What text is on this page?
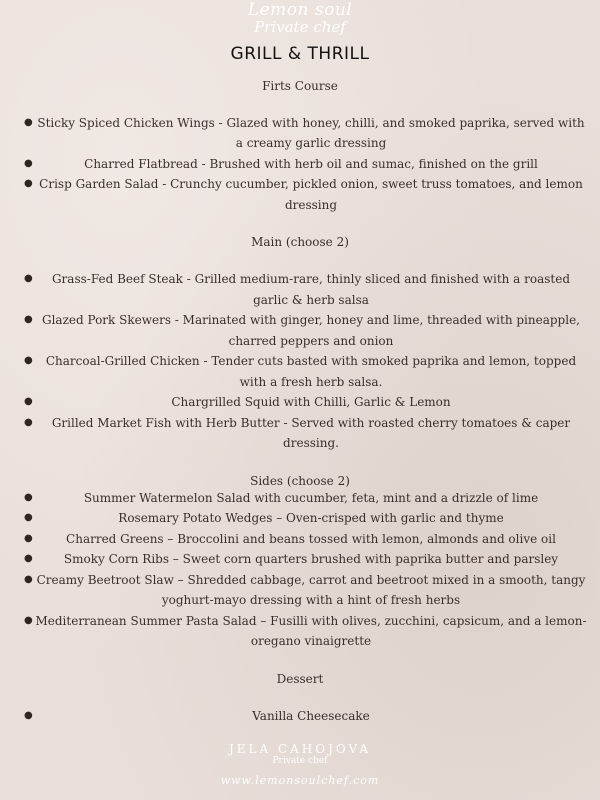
Lemon soul
Private chef
GRILL & THRILL
Firts Course
● Sticky Spiced Chicken Wings - Glazed with honey, chilli, and smoked paprika, served with a creamy garlic dressing
●	Charred Flatbread - Brushed with herb oil and sumac, finished on the grill
● Crisp Garden Salad - Crunchy cucumber, pickled onion, sweet truss tomatoes, and lemon dressing
Main (choose 2)
● Grass-Fed Beef Steak - Grilled medium-rare, thinly sliced and finished with a roasted garlic & herb salsa
● Glazed Pork Skewers - Marinated with ginger, honey and lime, threaded with pineapple, charred peppers and onion
● Charcoal-Grilled Chicken - Tender cuts basted with smoked paprika and lemon, topped with a fresh herb salsa.
●	Chargrilled Squid with Chilli, Garlic & Lemon
● Grilled Market Fish with Herb Butter - Served with roasted cherry tomatoes & caper dressing.
Sides (choose 2)
●	Summer Watermelon Salad with cucumber, feta, mint and a drizzle of lime
●	Rosemary Potato Wedges – Oven-crisped with garlic and thyme
●	Charred Greens – Broccolini and beans tossed with lemon, almonds and olive oil
●	Smoky Corn Ribs – Sweet corn quarters brushed with paprika butter and parsley
● Creamy Beetroot Slaw – Shredded cabbage, carrot and beetroot mixed in a smooth, tangy yoghurt-mayo dressing with a hint of fresh herbs
● Mediterranean Summer Pasta Salad – Fusilli with olives, zucchini, capsicum, and a lemon-oregano vinaigrette
Dessert
●	Vanilla Cheesecake
JELA CAHOJOVA
Private chef
www.lemonsoulchef.com
